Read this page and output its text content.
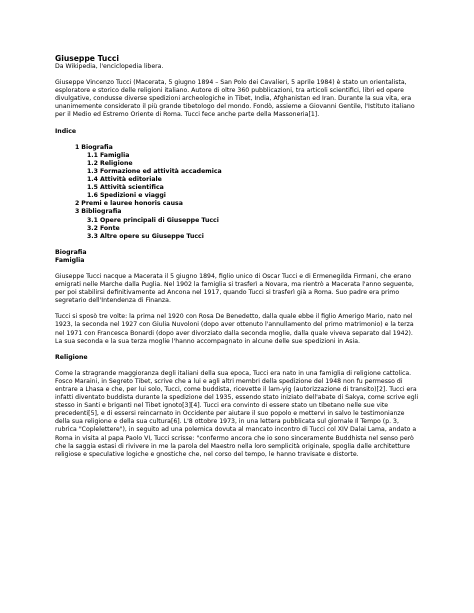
Giuseppe Tucci
Da Wikipedia, l'enciclopedia libera.

Giuseppe Vincenzo Tucci (Macerata, 5 giugno 1894 – San Polo dei Cavalieri, 5 aprile 1984) è stato un orientalista, esploratore e storico delle religioni italiano. Autore di oltre 360 pubblicazioni, tra articoli scientifici, libri ed opere divulgative, condusse diverse spedizioni archeologiche in Tibet, India, Afghanistan ed Iran. Durante la sua vita, era unanimemente considerato il più grande tibetologo del mondo. Fondò, assieme a Giovanni Gentile, l'Istituto italiano per il Medio ed Estremo Oriente di Roma. Tucci fece anche parte della Massoneria[1].

Indice
1 Biografia
1.1 Famiglia
1.2 Religione
1.3 Formazione ed attività accademica
1.4 Attività editoriale
1.5 Attività scientifica
1.6 Spedizioni e viaggi
2 Premi e lauree honoris causa
3 Bibliografia
3.1 Opere principali di Giuseppe Tucci
3.2 Fonte
3.3 Altre opere su Giuseppe Tucci
Biografia
Famiglia

Giuseppe Tucci nacque a Macerata il 5 giugno 1894, figlio unico di Oscar Tucci e di Ermenegilda Firmani, che erano emigrati nelle Marche dalla Puglia. Nel 1902 la famiglia si trasferì a Novara, ma rientrò a Macerata l'anno seguente, per poi stabilirsi definitivamente ad Ancona nel 1917, quando Tucci si trasferì già a Roma. Suo padre era primo segretario dell'Intendenza di Finanza.

Tucci si sposò tre volte: la prima nel 1920 con Rosa De Benedetto, dalla quale ebbe il figlio Amerigo Mario, nato nel 1923, la seconda nel 1927 con Giulia Nuvoloni (dopo aver ottenuto l'annullamento del primo matrimonio) e la terza nel 1971 con Francesca Bonardi (dopo aver divorziato dalla seconda moglie, dalla quale viveva separato dal 1942). La sua seconda e la sua terza moglie l'hanno accompagnato in alcune delle sue spedizioni in Asia.

Religione

Come la stragrande maggioranza degli italiani della sua epoca, Tucci era nato in una famiglia di religione cattolica. Fosco Maraini, in Segreto Tibet, scrive che a lui e agli altri membri della spedizione del 1948 non fu permesso di entrare a Lhasa e che, per lui solo, Tucci, come buddista, ricevette il lam-yig (autorizzazione di transito)[2]. Tucci era infatti diventato buddista durante la spedizione del 1935, essendo stato iniziato dell'abate di Sakya, come scrive egli stesso in Santi e briganti nel Tibet ignoto[3][4]. Tucci era convinto di essere stato un tibetano nelle sue vite precedenti[5], e di essersi reincarnato in Occidente per aiutare il suo popolo e mettervi in salvo le testimonianze della sua religione e della sua cultura[6]. L'8 ottobre 1973, in una lettera pubblicata sul giornale Il Tempo (p. 3, rubrica "Coplelettere"), in seguito ad una polemica dovuta al mancato incontro di Tucci col XIV Dalai Lama, andato a Roma in visita al papa Paolo VI, Tucci scrisse: "confermo ancora che io sono sinceramente Buddhista nel senso però che la saggia estasi di rivivere in me la parola del Maestro nella loro semplicità originale, spoglia dalle architetture religiose e speculative logiche e gnostiche che, nel corso del tempo, le hanno travisate e distorte.
